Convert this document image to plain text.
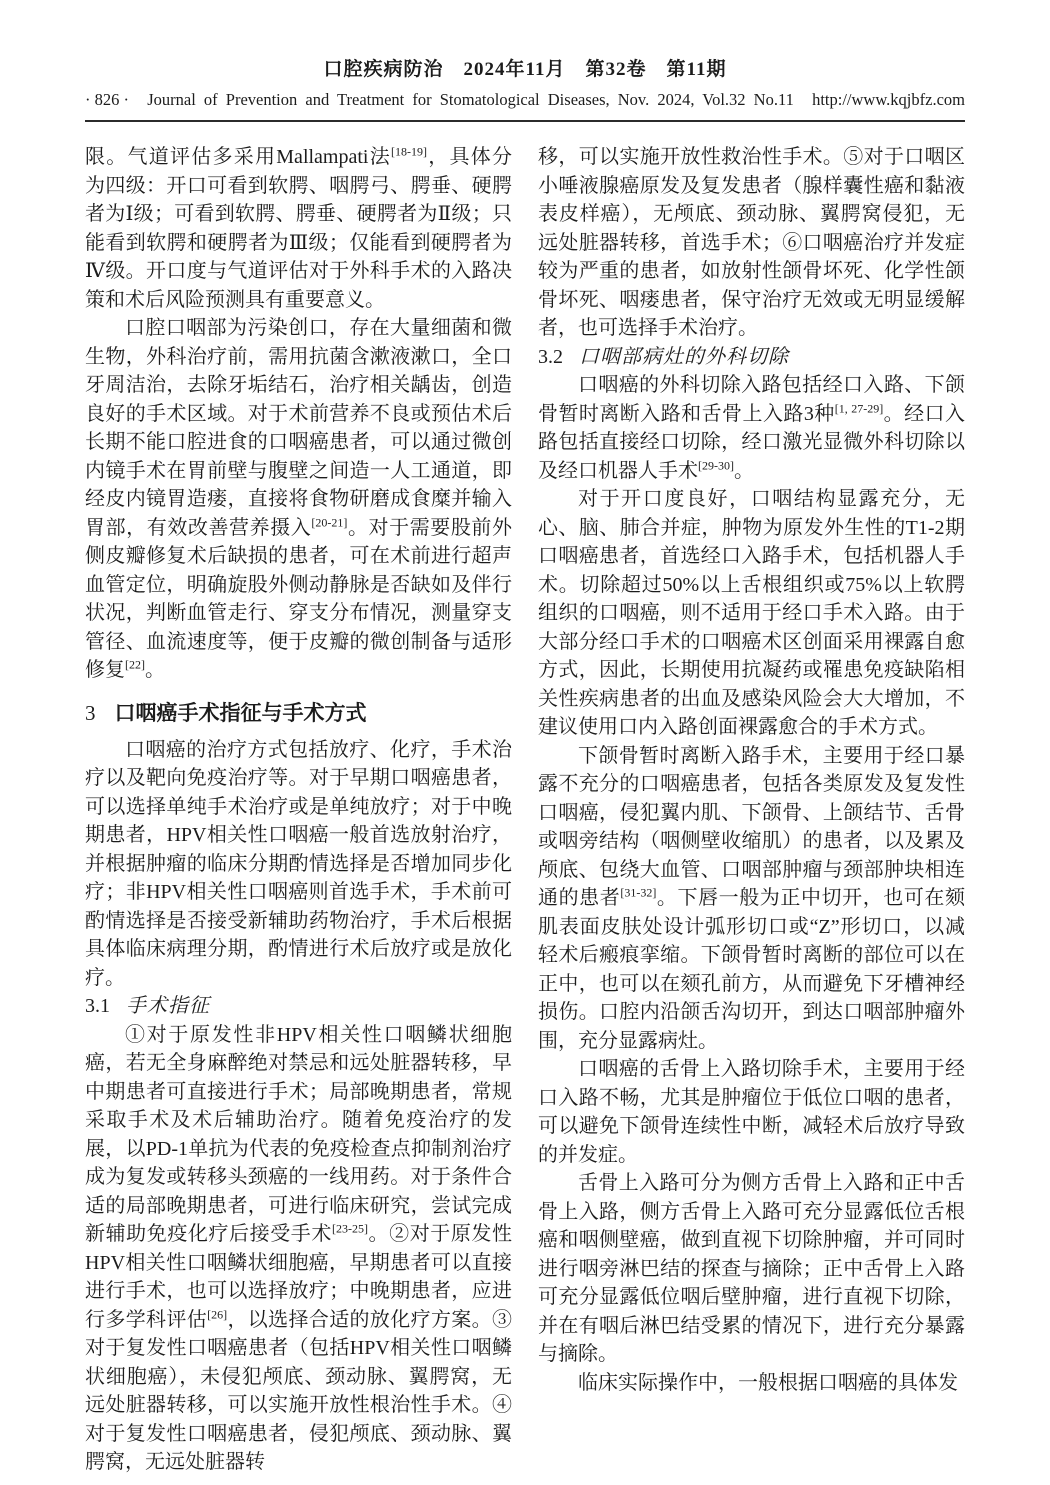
口腔疾病防治　2024年11月　第32卷　第11期
· 826 ·	Journal of Prevention and Treatment for Stomatological Diseases, Nov. 2024, Vol.32 No.11	http://www.kqjbfz.com

限。气道评估多采用Mallampati法[18-19]，具体分为四级：开口可看到软腭、咽腭弓、腭垂、硬腭者为Ⅰ级；可看到软腭、腭垂、硬腭者为Ⅱ级；只能看到软腭和硬腭者为Ⅲ级；仅能看到硬腭者为Ⅳ级。开口度与气道评估对于外科手术的入路决策和术后风险预测具有重要意义。

口腔口咽部为污染创口，存在大量细菌和微生物，外科治疗前，需用抗菌含漱液漱口，全口牙周洁治，去除牙垢结石，治疗相关龋齿，创造良好的手术区域。对于术前营养不良或预估术后长期不能口腔进食的口咽癌患者，可以通过微创内镜手术在胃前壁与腹壁之间造一人工通道，即经皮内镜胃造瘘，直接将食物研磨成食糜并输入胃部，有效改善营养摄入[20-21]。对于需要股前外侧皮瓣修复术后缺损的患者，可在术前进行超声血管定位，明确旋股外侧动静脉是否缺如及伴行状况，判断血管走行、穿支分布情况，测量穿支管径、血流速度等，便于皮瓣的微创制备与适形修复[22]。

3 口咽癌手术指征与手术方式

口咽癌的治疗方式包括放疗、化疗，手术治疗以及靶向免疫治疗等。对于早期口咽癌患者，可以选择单纯手术治疗或是单纯放疗；对于中晚期患者，HPV相关性口咽癌一般首选放射治疗，并根据肿瘤的临床分期酌情选择是否增加同步化疗；非HPV相关性口咽癌则首选手术，手术前可酌情选择是否接受新辅助药物治疗，手术后根据具体临床病理分期，酌情进行术后放疗或是放化疗。

3.1 手术指征

①对于原发性非HPV相关性口咽鳞状细胞癌，若无全身麻醉绝对禁忌和远处脏器转移，早中期患者可直接进行手术；局部晚期患者，常规采取手术及术后辅助治疗。随着免疫治疗的发展，以PD-1单抗为代表的免疫检查点抑制剂治疗成为复发或转移头颈癌的一线用药。对于条件合适的局部晚期患者，可进行临床研究，尝试完成新辅助免疫化疗后接受手术[23-25]。②对于原发性HPV相关性口咽鳞状细胞癌，早期患者可以直接进行手术，也可以选择放疗；中晚期患者，应进行多学科评估[26]，以选择合适的放化疗方案。③对于复发性口咽癌患者（包括HPV相关性口咽鳞状细胞癌），未侵犯颅底、颈动脉、翼腭窝，无远处脏器转移，可以实施开放性根治性手术。④对于复发性口咽癌患者，侵犯颅底、颈动脉、翼腭窝，无远处脏器转

移，可以实施开放性救治性手术。⑤对于口咽区小唾液腺癌原发及复发患者（腺样囊性癌和黏液表皮样癌），无颅底、颈动脉、翼腭窝侵犯，无远处脏器转移，首选手术；⑥口咽癌治疗并发症较为严重的患者，如放射性颌骨坏死、化学性颌骨坏死、咽瘘患者，保守治疗无效或无明显缓解者，也可选择手术治疗。

3.2 口咽部病灶的外科切除

口咽癌的外科切除入路包括经口入路、下颌骨暂时离断入路和舌骨上入路3种[1, 27-29]。经口入路包括直接经口切除，经口激光显微外科切除以及经口机器人手术[29-30]。

对于开口度良好，口咽结构显露充分，无心、脑、肺合并症，肿物为原发外生性的T1-2期口咽癌患者，首选经口入路手术，包括机器人手术。切除超过50%以上舌根组织或75%以上软腭组织的口咽癌，则不适用于经口手术入路。由于大部分经口手术的口咽癌术区创面采用裸露自愈方式，因此，长期使用抗凝药或罹患免疫缺陷相关性疾病患者的出血及感染风险会大大增加，不建议使用口内入路创面裸露愈合的手术方式。

下颌骨暂时离断入路手术，主要用于经口暴露不充分的口咽癌患者，包括各类原发及复发性口咽癌，侵犯翼内肌、下颌骨、上颌结节、舌骨或咽旁结构（咽侧壁收缩肌）的患者，以及累及颅底、包绕大血管、口咽部肿瘤与颈部肿块相连通的患者[31-32]。下唇一般为正中切开，也可在颏肌表面皮肤处设计弧形切口或“Z”形切口，以减轻术后瘢痕挛缩。下颌骨暂时离断的部位可以在正中，也可以在颏孔前方，从而避免下牙槽神经损伤。口腔内沿颌舌沟切开，到达口咽部肿瘤外围，充分显露病灶。

口咽癌的舌骨上入路切除手术，主要用于经口入路不畅，尤其是肿瘤位于低位口咽的患者，可以避免下颌骨连续性中断，减轻术后放疗导致的并发症。

舌骨上入路可分为侧方舌骨上入路和正中舌骨上入路，侧方舌骨上入路可充分显露低位舌根癌和咽侧壁癌，做到直视下切除肿瘤，并可同时进行咽旁淋巴结的探查与摘除；正中舌骨上入路可充分显露低位咽后壁肿瘤，进行直视下切除，并在有咽后淋巴结受累的情况下，进行充分暴露与摘除。

临床实际操作中，一般根据口咽癌的具体发
